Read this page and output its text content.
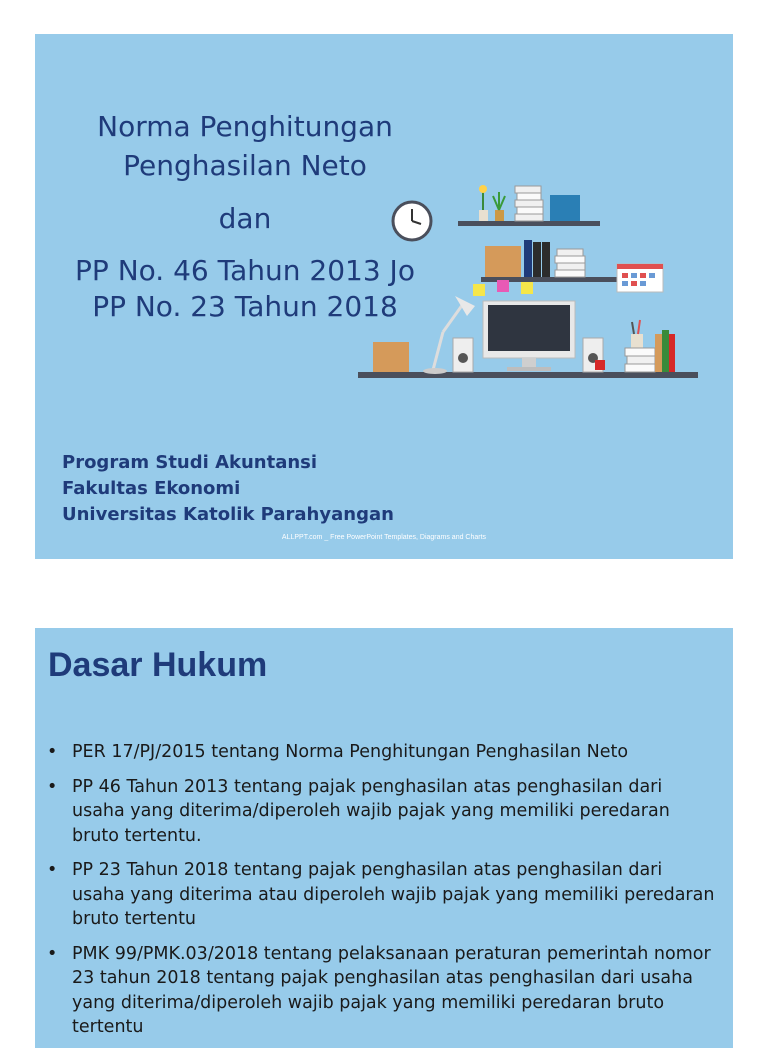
Norma Penghitungan
Penghasilan Neto
dan
PP No. 46 Tahun 2013 Jo
PP No. 23 Tahun 2018
Program Studi Akuntansi
Fakultas Ekonomi
Universitas Katolik Parahyangan
ALLPPT.com _ Free PowerPoint Templates, Diagrams and Charts
Dasar Hukum
• PER 17/PJ/2015 tentang Norma Penghitungan Penghasilan Neto
• PP 46 Tahun 2013 tentang pajak penghasilan atas penghasilan dari usaha yang diterima/diperoleh wajib pajak yang memiliki peredaran bruto tertentu.
• PP 23 Tahun 2018 tentang pajak penghasilan atas penghasilan dari usaha yang diterima atau diperoleh wajib pajak yang memiliki peredaran bruto tertentu
• PMK 99/PMK.03/2018 tentang pelaksanaan peraturan pemerintah nomor 23 tahun 2018 tentang pajak penghasilan atas penghasilan dari usaha yang diterima/diperoleh wajib pajak yang memiliki peredaran bruto tertentu
